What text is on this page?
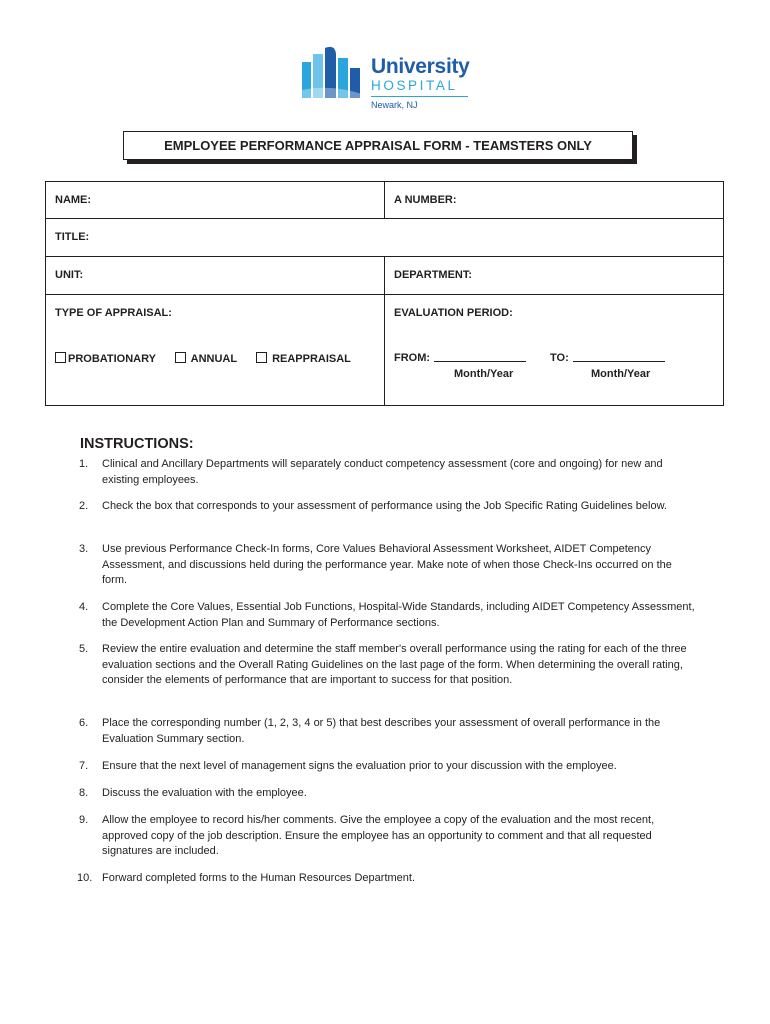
University
HOSPITAL
Newark, NJ
EMPLOYEE PERFORMANCE APPRAISAL FORM - TEAMSTERS ONLY
NAME:	A NUMBER:
TITLE:
UNIT:	DEPARTMENT:
TYPE OF APPRAISAL:	EVALUATION PERIOD:
PROBATIONARY	ANNUAL	REAPPRAISAL	FROM:	TO:
Month/Year	Month/Year
INSTRUCTIONS:
1. Clinical and Ancillary Departments will separately conduct competency assessment (core and ongoing) for new and existing employees.
2. Check the box that corresponds to your assessment of performance using the Job Specific Rating Guidelines below.
3. Use previous Performance Check-In forms, Core Values Behavioral Assessment Worksheet, AIDET Competency Assessment, and discussions held during the performance year. Make note of when those Check-Ins occurred on the form.
4. Complete the Core Values, Essential Job Functions, Hospital-Wide Standards, including AIDET Competency Assessment, the Development Action Plan and Summary of Performance sections.
5. Review the entire evaluation and determine the staff member's overall performance using the rating for each of the three evaluation sections and the Overall Rating Guidelines on the last page of the form. When determining the overall rating, consider the elements of performance that are important to success for that position.
6. Place the corresponding number (1, 2, 3, 4 or 5) that best describes your assessment of overall performance in the Evaluation Summary section.
7. Ensure that the next level of management signs the evaluation prior to your discussion with the employee.
8. Discuss the evaluation with the employee.
9. Allow the employee to record his/her comments. Give the employee a copy of the evaluation and the most recent, approved copy of the job description. Ensure the employee has an opportunity to comment and that all requested signatures are included.
10. Forward completed forms to the Human Resources Department.
